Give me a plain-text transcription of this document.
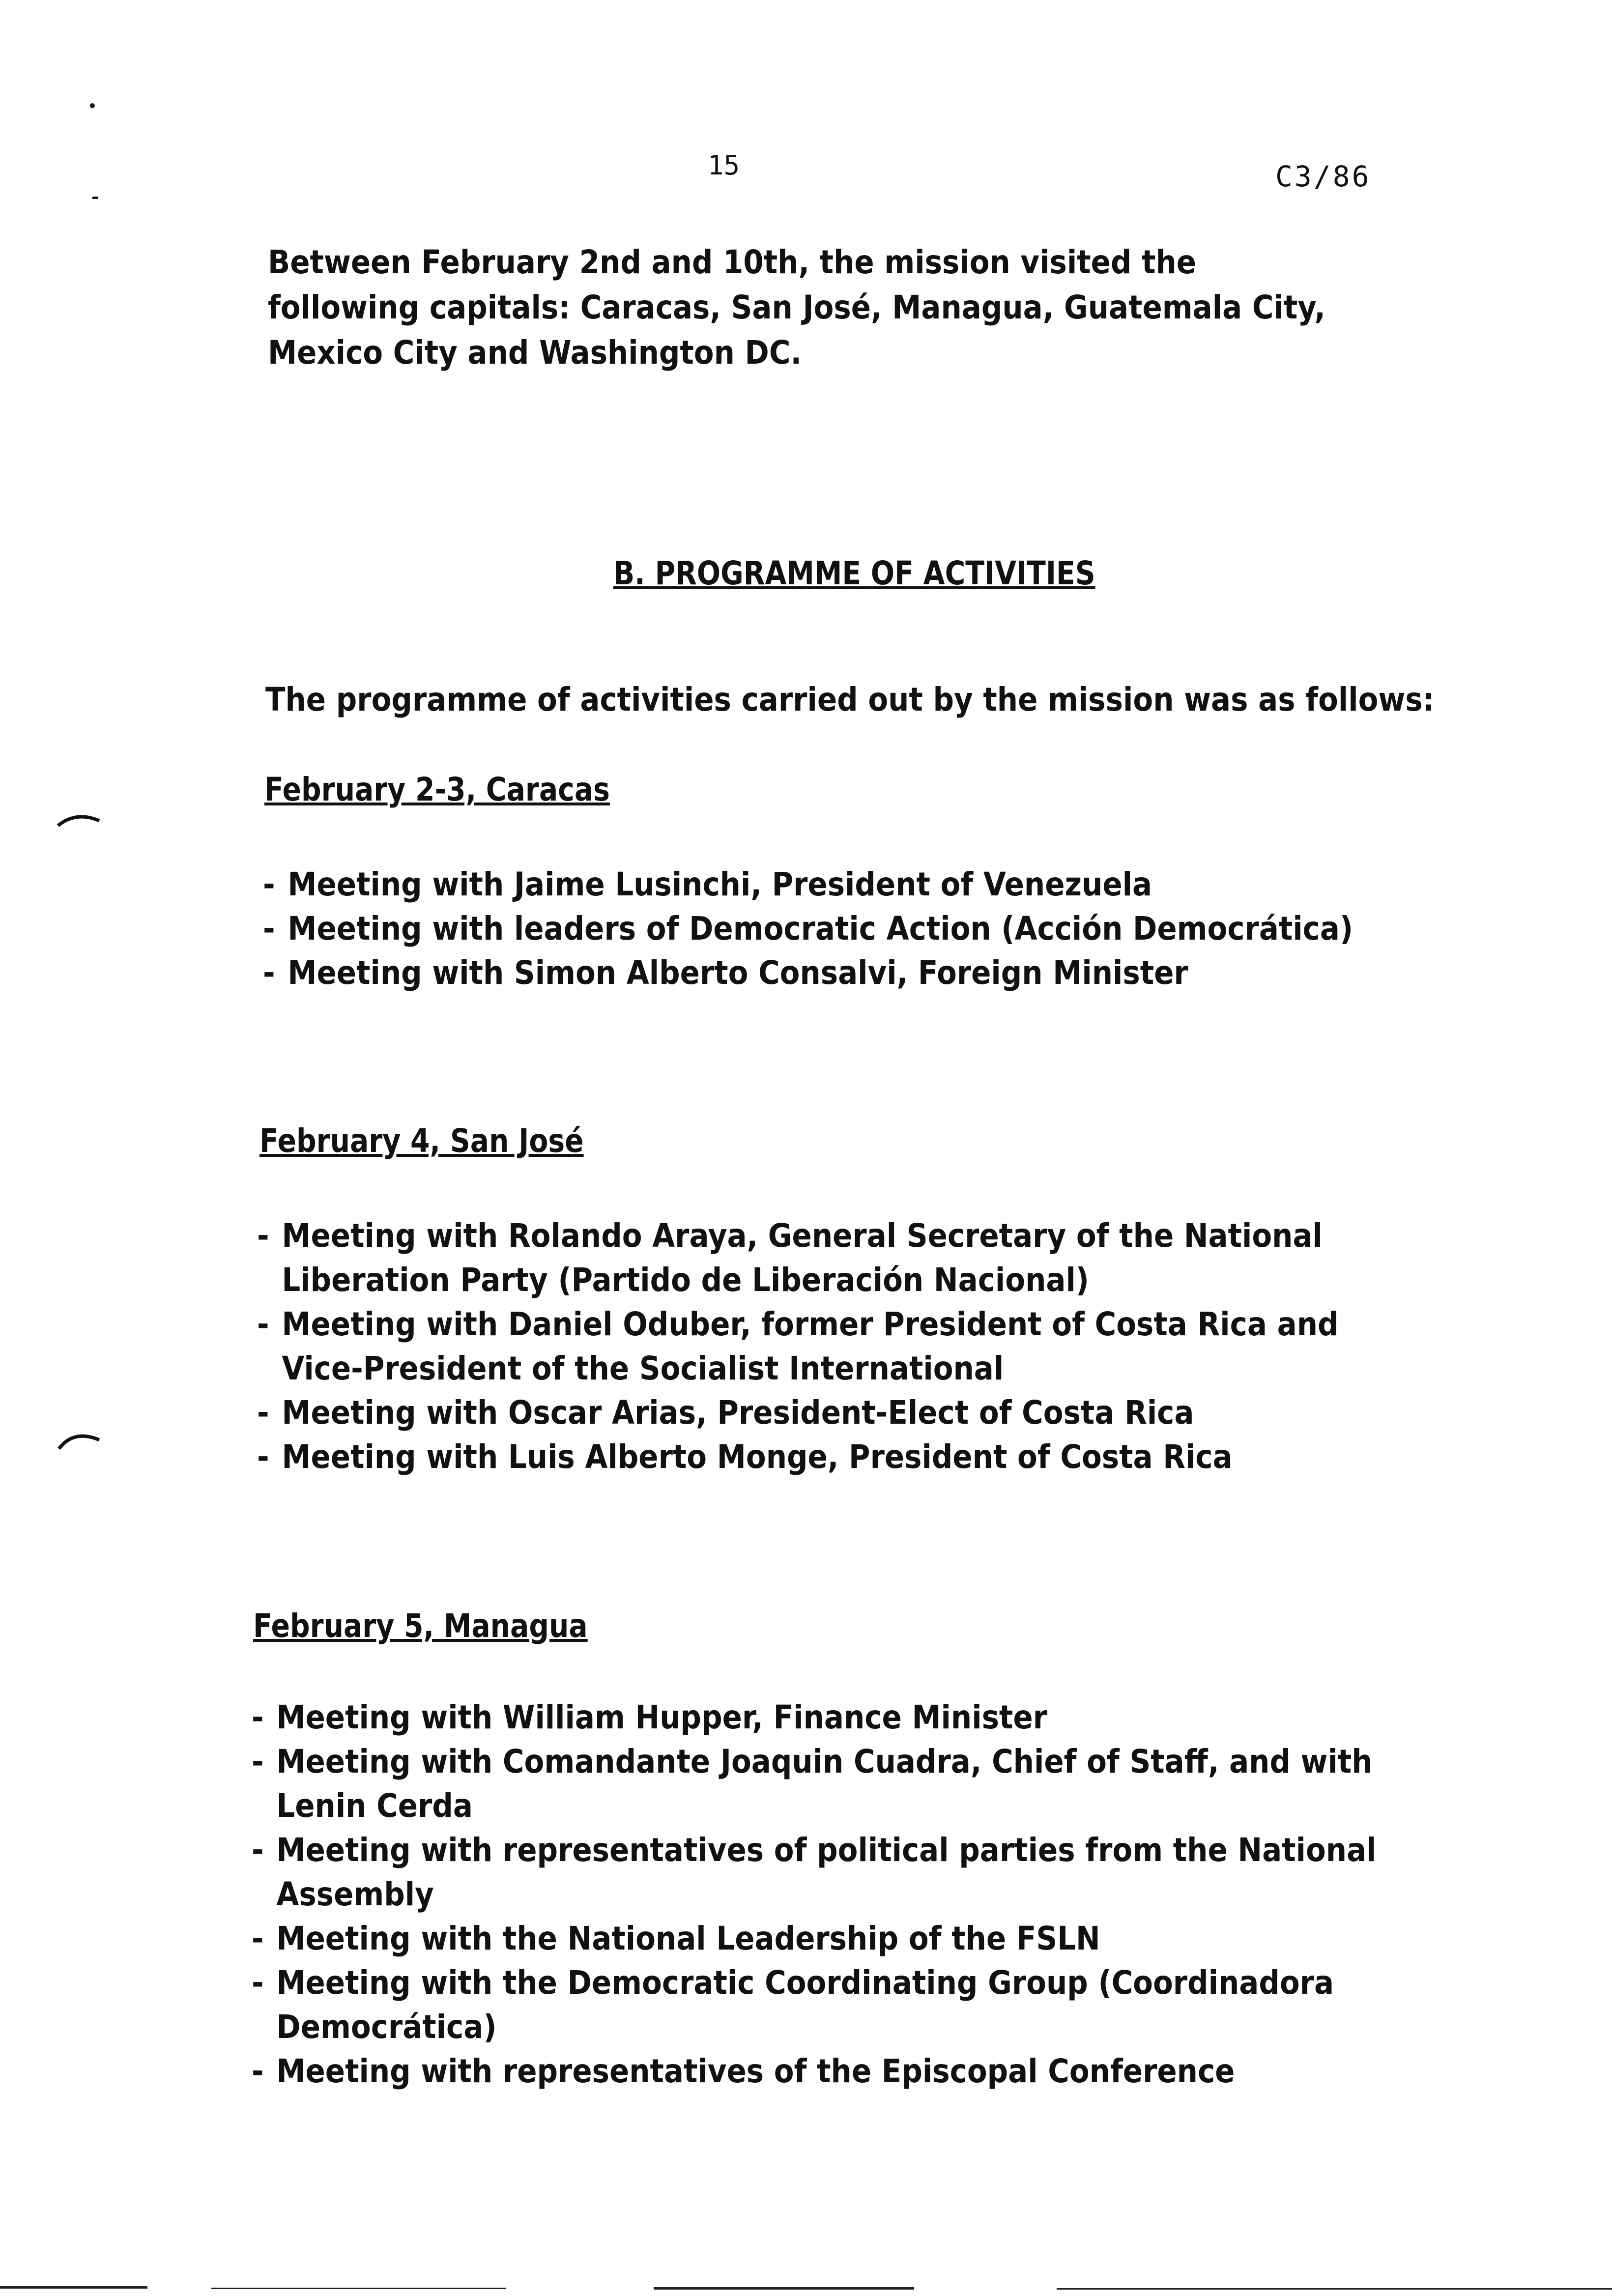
15	C3/86
Between February 2nd and 10th, the mission visited the following capitals: Caracas, San José, Managua, Guatemala City, Mexico City and Washington DC.
B. PROGRAMME OF ACTIVITIES
The programme of activities carried out by the mission was as follows:
February 2-3, Caracas
- Meeting with Jaime Lusinchi, President of Venezuela
- Meeting with leaders of Democratic Action (Acción Democrática)
- Meeting with Simon Alberto Consalvi, Foreign Minister
February 4, San José
- Meeting with Rolando Araya, General Secretary of the National Liberation Party (Partido de Liberación Nacional)
- Meeting with Daniel Oduber, former President of Costa Rica and Vice-President of the Socialist International
- Meeting with Oscar Arias, President-Elect of Costa Rica
- Meeting with Luis Alberto Monge, President of Costa Rica
February 5, Managua
- Meeting with William Hupper, Finance Minister
- Meeting with Comandante Joaquin Cuadra, Chief of Staff, and with Lenin Cerda
- Meeting with representatives of political parties from the National Assembly
- Meeting with the National Leadership of the FSLN
- Meeting with the Democratic Coordinating Group (Coordinadora Democrática)
- Meeting with representatives of the Episcopal Conference
